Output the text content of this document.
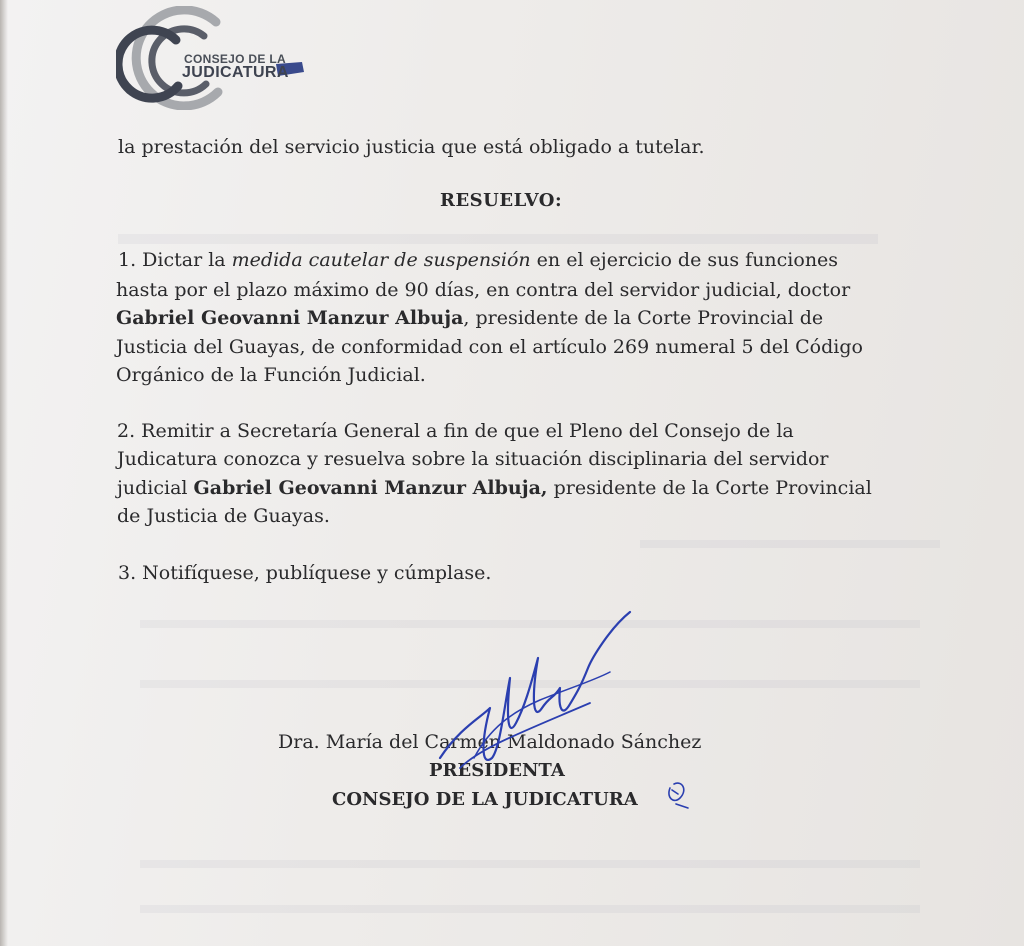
CONSEJO DE LA
JUDICATURA
la prestación del servicio justicia que está obligado a tutelar.
RESUELVO:
1. Dictar la medida cautelar de suspensión en el ejercicio de sus funciones
hasta por el plazo máximo de 90 días, en contra del servidor judicial, doctor
Gabriel Geovanni Manzur Albuja, presidente de la Corte Provincial de
Justicia del Guayas, de conformidad con el artículo 269 numeral 5 del Código
Orgánico de la Función Judicial.
2. Remitir a Secretaría General a fin de que el Pleno del Consejo de la
Judicatura conozca y resuelva sobre la situación disciplinaria del servidor
judicial Gabriel Geovanni Manzur Albuja, presidente de la Corte Provincial
de Justicia de Guayas.
3. Notifíquese, publíquese y cúmplase.
Dra. María del Carmen Maldonado Sánchez
PRESIDENTA
CONSEJO DE LA JUDICATURA
